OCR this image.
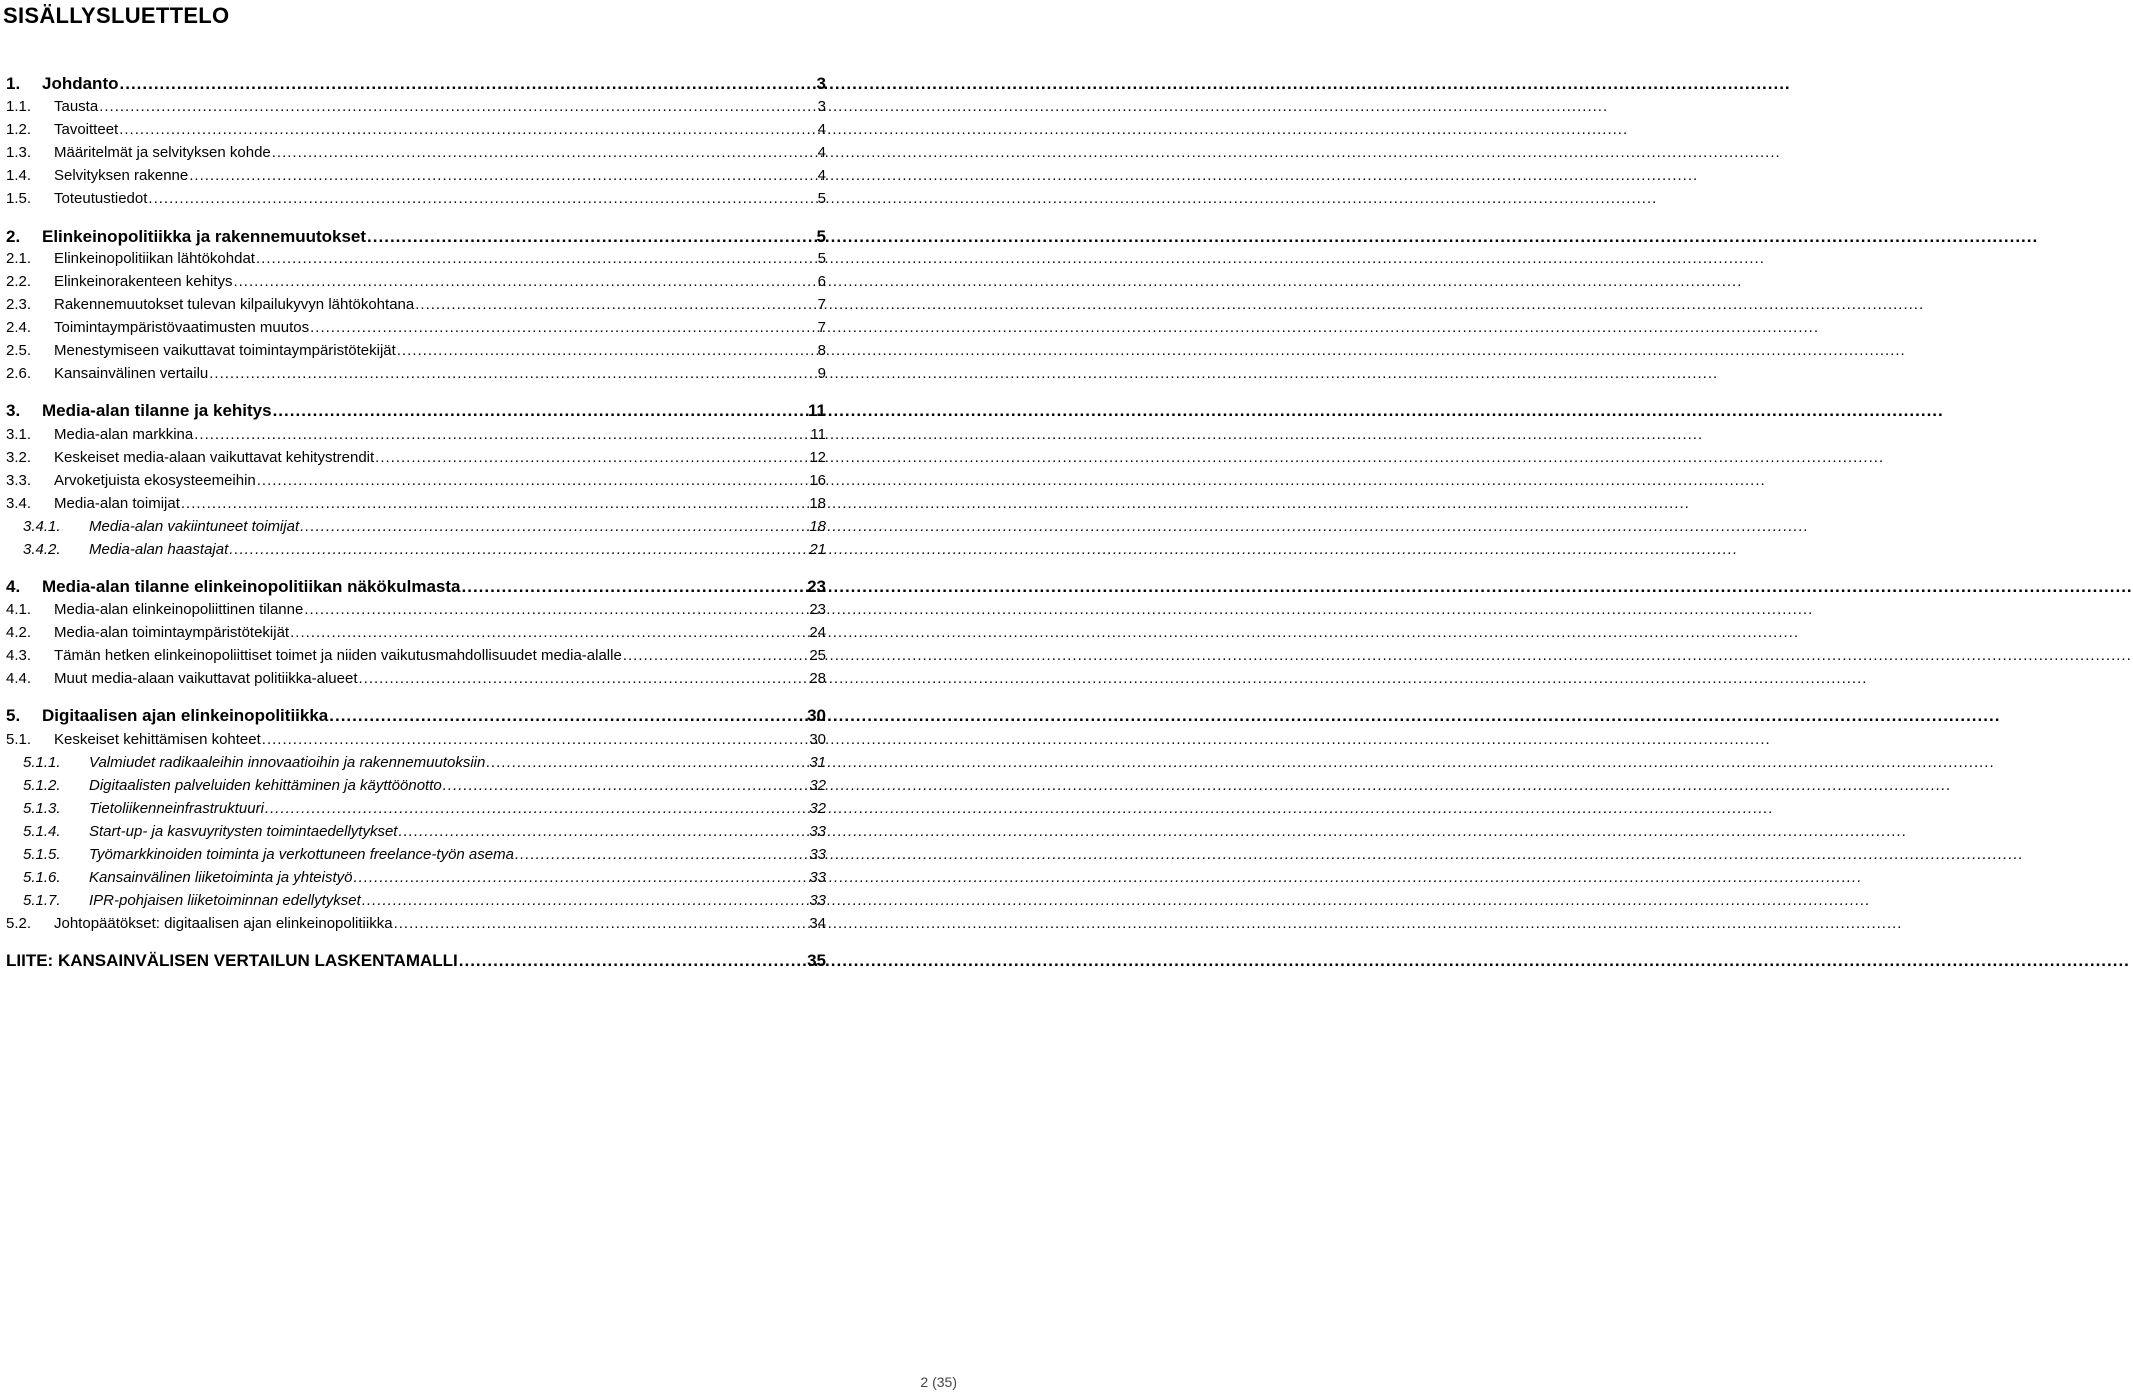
SISÄLLYSLUETTELO
1.	Johdanto .....	3
1.1.	Tausta .....	3
1.2.	Tavoitteet .....	4
1.3.	Määritelmät ja selvityksen kohde .....	4
1.4.	Selvityksen rakenne .....	4
1.5.	Toteutustiedot .....	5
2.	Elinkeinopolitiikka ja rakennemuutokset .....	5
2.1.	Elinkeinopolitiikan lähtökohdat .....	5
2.2.	Elinkeinorakenteen kehitys .....	6
2.3.	Rakennemuutokset tulevan kilpailukyvyn lähtökohtana .....	7
2.4.	Toimintaympäristövaatimusten muutos .....	7
2.5.	Menestymiseen vaikuttavat toimintaympäristötekijät .....	8
2.6.	Kansainvälinen vertailu .....	9
3.	Media-alan tilanne ja kehitys .....	11
3.1.	Media-alan markkina .....	11
3.2.	Keskeiset media-alaan vaikuttavat kehitystrendit .....	12
3.3.	Arvoketjuista ekosysteemeihin .....	16
3.4.	Media-alan toimijat .....	18
3.4.1.	Media-alan vakiintuneet toimijat .....	18
3.4.2.	Media-alan haastajat .....	21
4.	Media-alan tilanne elinkeinopolitiikan näkökulmasta .....	23
4.1.	Media-alan elinkeinopoliittinen tilanne .....	23
4.2.	Media-alan toimintaympäristötekijät .....	24
4.3.	Tämän hetken elinkeinopoliittiset toimet ja niiden vaikutusmahdollisuudet media-alalle .....	25
4.4.	Muut media-alaan vaikuttavat politiikka-alueet .....	28
5.	Digitaalisen ajan elinkeinopolitiikka .....	30
5.1.	Keskeiset kehittämisen kohteet .....	30
5.1.1.	Valmiudet radikaaleihin innovaatioihin ja rakennemuutoksiin .....	31
5.1.2.	Digitaalisten palveluiden kehittäminen ja käyttöönotto .....	32
5.1.3.	Tietoliikenneinfrastruktuuri .....	32
5.1.4.	Start-up- ja kasvuyritysten toimintaedellytykset .....	33
5.1.5.	Työmarkkinoiden toiminta ja verkottuneen freelance-työn asema .....	33
5.1.6.	Kansainvälinen liiketoiminta ja yhteistyö .....	33
5.1.7.	IPR-pohjaisen liiketoiminnan edellytykset .....	33
5.2.	Johtopäätökset: digitaalisen ajan elinkeinopolitiikka .....	34
LIITE: KANSAINVÄLISEN VERTAILUN LASKENTAMALLI .....	35
2 (35)
